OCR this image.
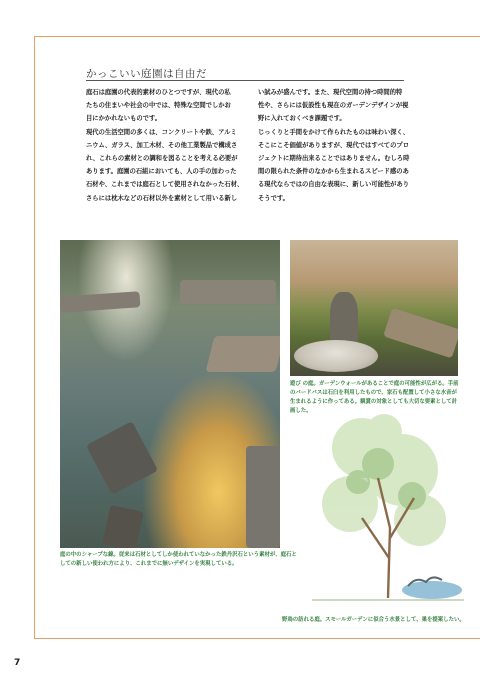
かっこいい庭園は自由だ

庭石は庭園の代表的素材のひとつですが、現代の私

たちの住まいや社会の中では、特殊な空間でしかお

目にかかれないものです。

現代の生活空間の多くは、コンクリートや鉄、アルミ

ニウム、ガラス、加工木材、その他工業製品で構成さ

れ、これらの素材との調和を図ることを考える必要が

あります。庭園の石組においても、人の手の加わった

石材や、これまでは庭石として使用されなかった石材、

さらには枕木などの石材以外を素材として用いる新し

い試みが盛んです。また、現代空間の持つ時間的特

性や、さらには仮設性も現在のガーデンデザインが視

野に入れておくべき課題です。

じっくりと手間をかけて作られたものは味わい深く、

そこにこそ価値がありますが、現代ではすべてのプロ

ジェクトに期待出来ることではありません。むしろ時

間の限られた条件のなかから生まれるスピード感のあ

る現代ならではの自由な表現に、新しい可能性があり

そうです。

遊び の庭。ガーデンウォールがあることで庭の可能性が広がる。手前のバードバスは石臼を利用したもので、家石も配置して小さな水音が生まれるように作ってある。観賞の対象としても大切な要素として計画した。
庭の中のシャープな線。従来は石材としてしか使われていなかった鉄丹沢石という素材が、庭石としての新しい使われ方により、これまでに無いデザインを実現している。
野鳥の訪れる庭。スモールガーデンに似合う水景として、巣を提案したい。
7
